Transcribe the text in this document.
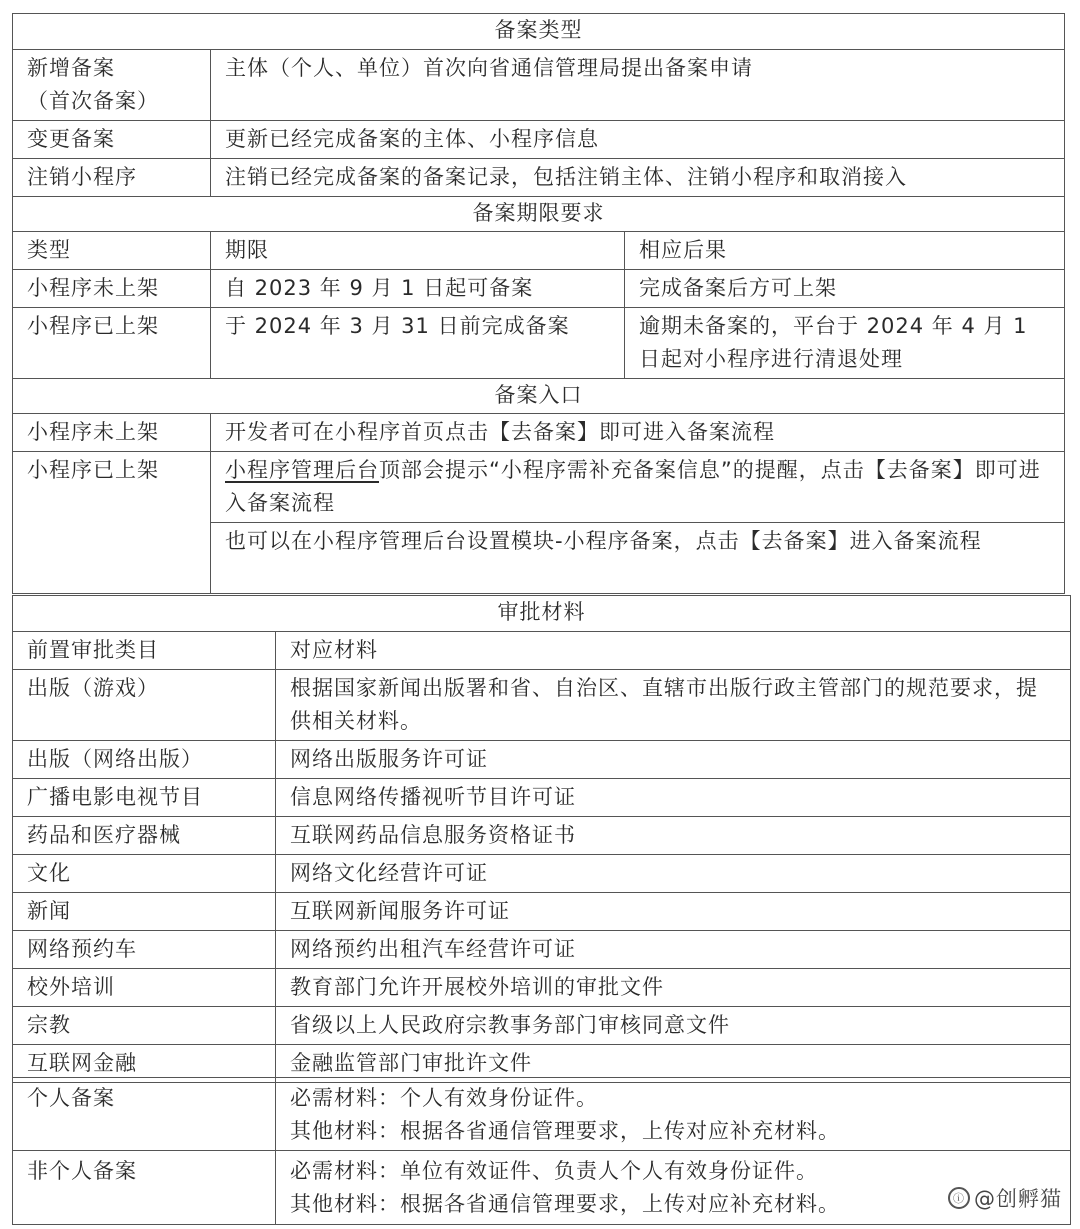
备案类型		
新增备案
（首次备案）	主体（个人、单位）首次向省通信管理局提出备案申请	
变更备案	更新已经完成备案的主体、小程序信息	
注销小程序	注销已经完成备案的备案记录，包括注销主体、注销小程序和取消接入	
备案期限要求		
类型	期限	相应后果
小程序未上架	自 2023 年 9 月 1 日起可备案	完成备案后方可上架
小程序已上架	于 2024 年 3 月 31 日前完成备案	逾期未备案的，平台于 2024 年 4 月 1 日起对小程序进行清退处理
备案入口		
小程序未上架	开发者可在小程序首页点击【去备案】即可进入备案流程	
小程序已上架	小程序管理后台顶部会提示“小程序需补充备案信息”的提醒，点击【去备案】即可进入备案流程	
	也可以在小程序管理后台设置模块-小程序备案，点击【去备案】进入备案流程	
审批材料	
前置审批类目	对应材料
出版（游戏）	根据国家新闻出版署和省、自治区、直辖市出版行政主管部门的规范要求，提供相关材料。
出版（网络出版）	网络出版服务许可证
广播电影电视节目	信息网络传播视听节目许可证
药品和医疗器械	互联网药品信息服务资格证书
文化	网络文化经营许可证
新闻	互联网新闻服务许可证
网络预约车	网络预约出租汽车经营许可证
校外培训	教育部门允许开展校外培训的审批文件
宗教	省级以上人民政府宗教事务部门审核同意文件
互联网金融	金融监管部门审批许文件
个人备案	必需材料：个人有效身份证件。
其他材料：根据各省通信管理要求，上传对应补充材料。

非个人备案	必需材料：单位有效证件、负责人个人有效身份证件。
其他材料：根据各省通信管理要求，上传对应补充材料。	ⓘ @创孵猫
